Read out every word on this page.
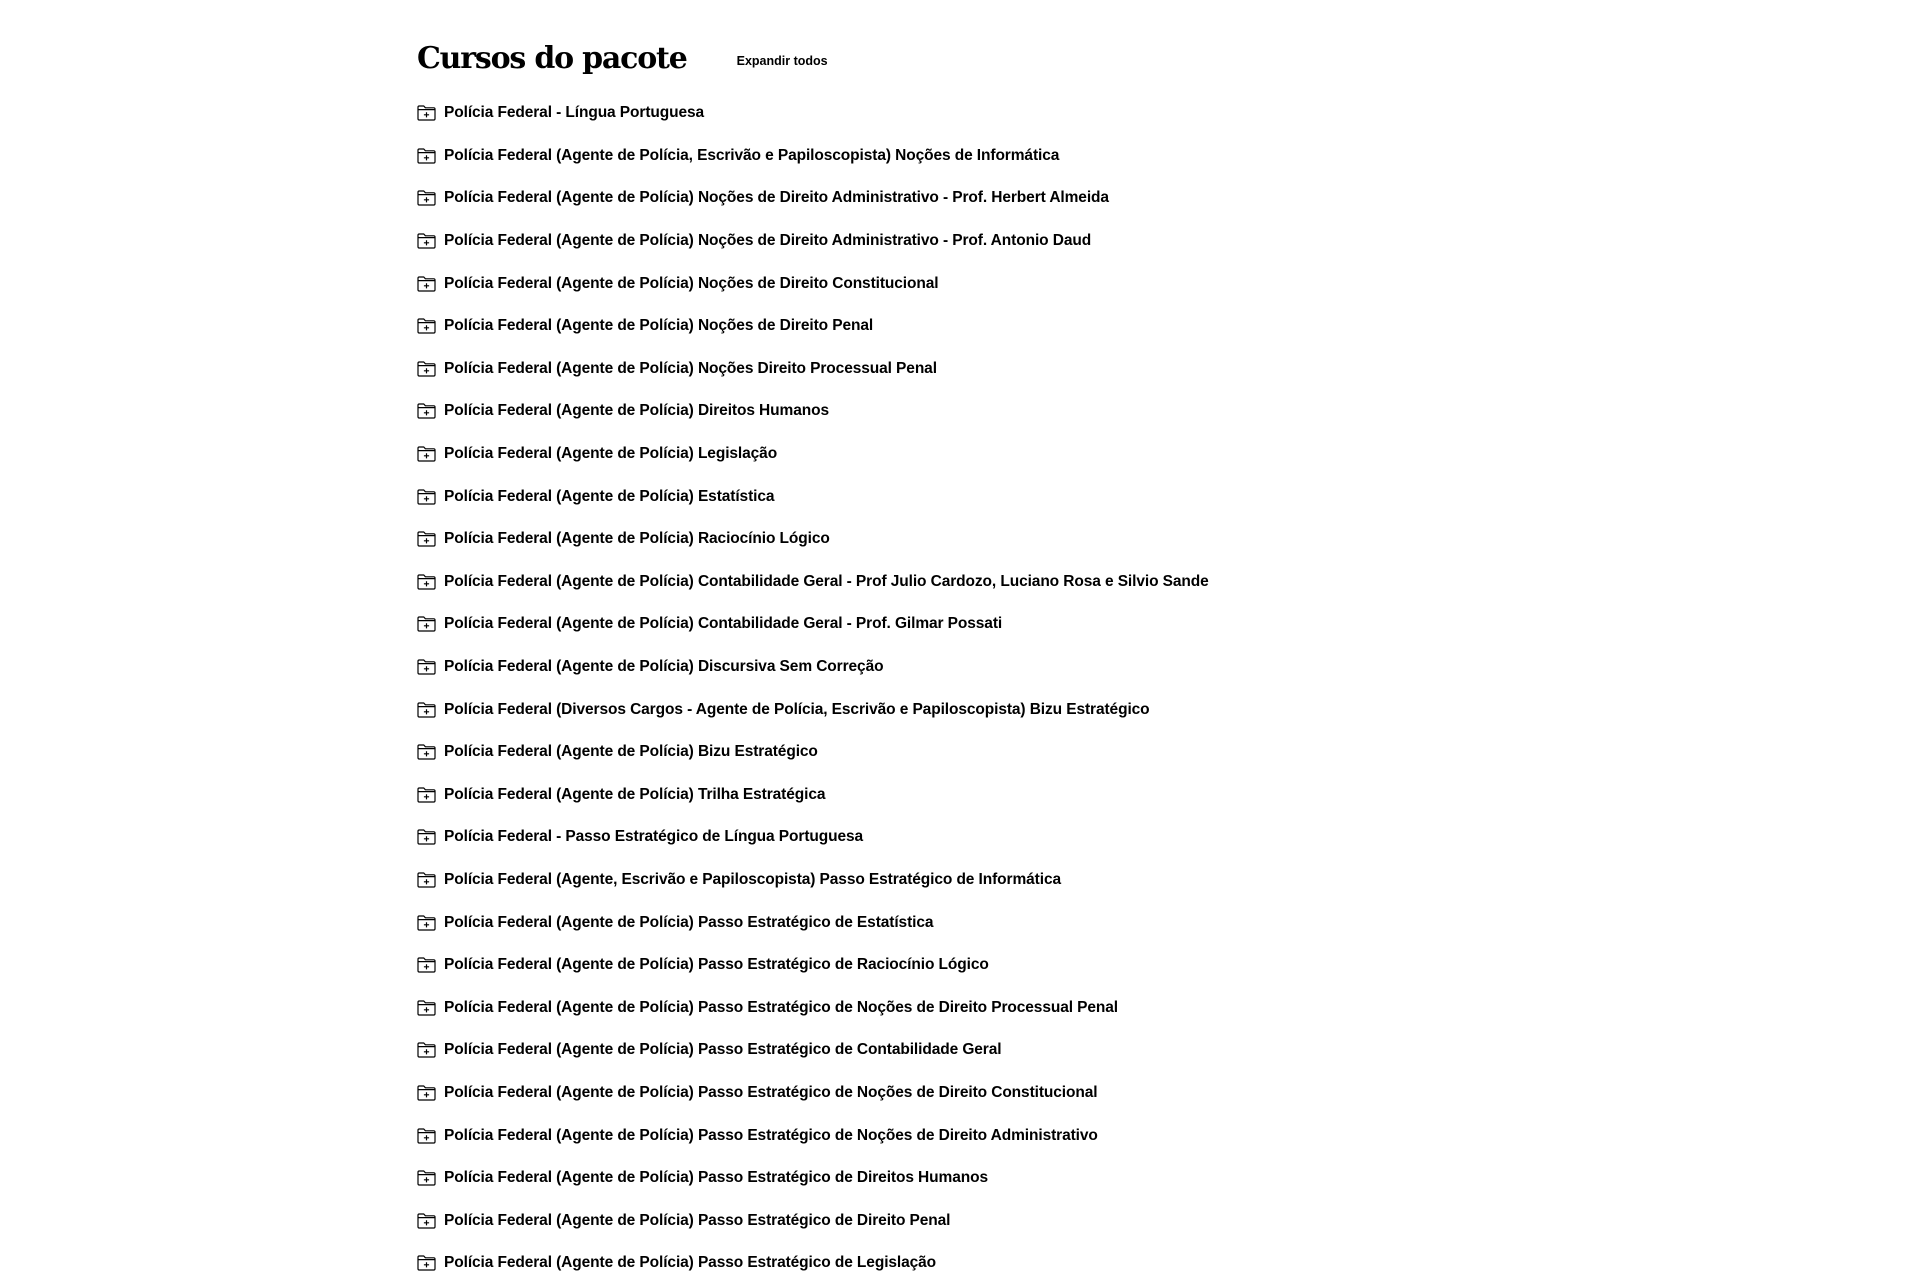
Cursos do pacote	Expandir todos
Polícia Federal - Língua Portuguesa
Polícia Federal (Agente de Polícia, Escrivão e Papiloscopista) Noções de Informática
Polícia Federal (Agente de Polícia) Noções de Direito Administrativo - Prof. Herbert Almeida
Polícia Federal (Agente de Polícia) Noções de Direito Administrativo - Prof. Antonio Daud
Polícia Federal (Agente de Polícia) Noções de Direito Constitucional
Polícia Federal (Agente de Polícia) Noções de Direito Penal
Polícia Federal (Agente de Polícia) Noções Direito Processual Penal
Polícia Federal (Agente de Polícia) Direitos Humanos
Polícia Federal (Agente de Polícia) Legislação
Polícia Federal (Agente de Polícia) Estatística
Polícia Federal (Agente de Polícia) Raciocínio Lógico
Polícia Federal (Agente de Polícia) Contabilidade Geral - Prof Julio Cardozo, Luciano Rosa e Silvio Sande
Polícia Federal (Agente de Polícia) Contabilidade Geral - Prof. Gilmar Possati
Polícia Federal (Agente de Polícia) Discursiva Sem Correção
Polícia Federal (Diversos Cargos - Agente de Polícia, Escrivão e Papiloscopista) Bizu Estratégico
Polícia Federal (Agente de Polícia) Bizu Estratégico
Polícia Federal (Agente de Polícia) Trilha Estratégica
Polícia Federal - Passo Estratégico de Língua Portuguesa
Polícia Federal (Agente, Escrivão e Papiloscopista) Passo Estratégico de Informática
Polícia Federal (Agente de Polícia) Passo Estratégico de Estatística
Polícia Federal (Agente de Polícia) Passo Estratégico de Raciocínio Lógico
Polícia Federal (Agente de Polícia) Passo Estratégico de Noções de Direito Processual Penal
Polícia Federal (Agente de Polícia) Passo Estratégico de Contabilidade Geral
Polícia Federal (Agente de Polícia) Passo Estratégico de Noções de Direito Constitucional
Polícia Federal (Agente de Polícia) Passo Estratégico de Noções de Direito Administrativo
Polícia Federal (Agente de Polícia) Passo Estratégico de Direitos Humanos
Polícia Federal (Agente de Polícia) Passo Estratégico de Direito Penal
Polícia Federal (Agente de Polícia) Passo Estratégico de Legislação
